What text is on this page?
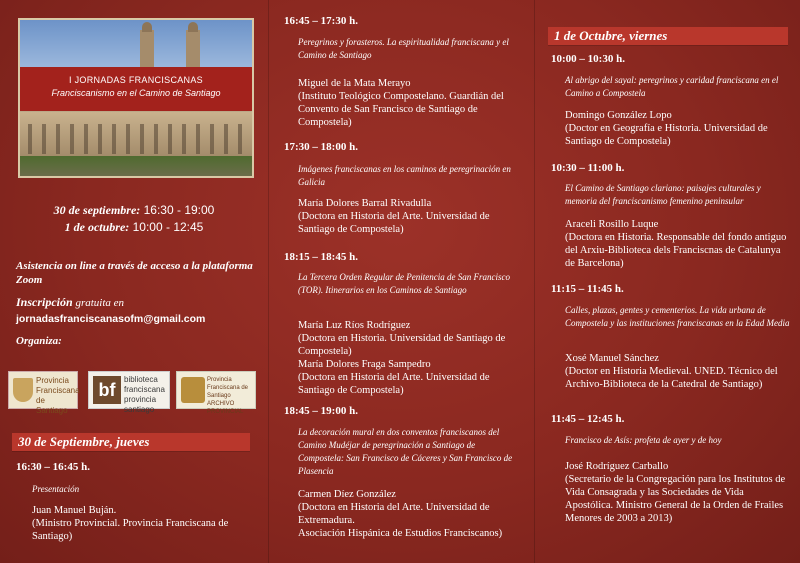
I JORNADAS FRANCISCANAS
Franciscanismo en el Camino de Santiago
30 de septiembre: 16:30 - 19:00
1 de octubre: 10:00 - 12:45
Asistencia on line a través de acceso a la plataforma Zoom
Inscripción gratuita en
jornadasfranciscanasofm@gmail.com
Organiza:
Provincia Franciscana de Santiago
bf
biblioteca franciscana provincia santiago
Provincia Franciscana de Santiago ARCHIVO PROVINCIAL
30 de Septiembre, jueves
16:30 – 16:45 h.
Presentación
Juan Manuel Buján.
(Ministro Provincial. Provincia Franciscana de Santiago)
16:45 – 17:30 h.
Peregrinos y forasteros. La espiritualidad franciscana y el Camino de Santiago
Miguel de la Mata Merayo
(Instituto Teológico Compostelano. Guardián del Convento de San Francisco de Santiago de Compostela)
17:30 – 18:00 h.
Imágenes franciscanas en los caminos de peregrinación en Galicia
María Dolores Barral Rivadulla
(Doctora en Historia del Arte. Universidad de Santiago de Compostela)
18:15 – 18:45 h.
La Tercera Orden Regular de Penitencia de San Francisco (TOR). Itinerarios en los Caminos de Santiago
María Luz Ríos Rodríguez
(Doctora en Historia. Universidad de Santiago de Compostela)
María Dolores Fraga Sampedro
(Doctora en Historia del Arte. Universidad de Santiago de Compostela)
18:45 – 19:00 h.
La decoración mural en dos conventos franciscanos del Camino Mudéjar de peregrinación a Santiago de Compostela: San Francisco de Cáceres y San Francisco de Plasencia
Carmen Díez González
(Doctora en Historia del Arte. Universidad de Extremadura.
Asociación Hispánica de Estudios Franciscanos)
1 de Octubre, viernes
10:00 – 10:30 h.
Al abrigo del sayal: peregrinos y caridad franciscana en el Camino a Compostela
Domingo González Lopo
(Doctor en Geografía e Historia. Universidad de Santiago de Compostela)
10:30 – 11:00 h.
El Camino de Santiago clariano: paisajes culturales y memoria del franciscanismo femenino peninsular
Araceli Rosillo Luque
(Doctora en Historia. Responsable del fondo antiguo del Arxiu-Biblioteca dels Franciscnas de Catalunya de Barcelona)
11:15 – 11:45 h.
Calles, plazas, gentes y cementerios. La vida urbana de Compostela y las instituciones franciscanas en la Edad Media
Xosé Manuel Sánchez
(Doctor en Historia Medieval. UNED. Técnico del Archivo-Biblioteca de la Catedral de Santiago)
11:45 – 12:45 h.
Francisco de Asís: profeta de ayer y de hoy
José Rodríguez Carballo
(Secretario de la Congregación para los Institutos de Vida Consagrada y las Sociedades de Vida Apostólica. Ministro General de la Orden de Frailes Menores de 2003 a 2013)
